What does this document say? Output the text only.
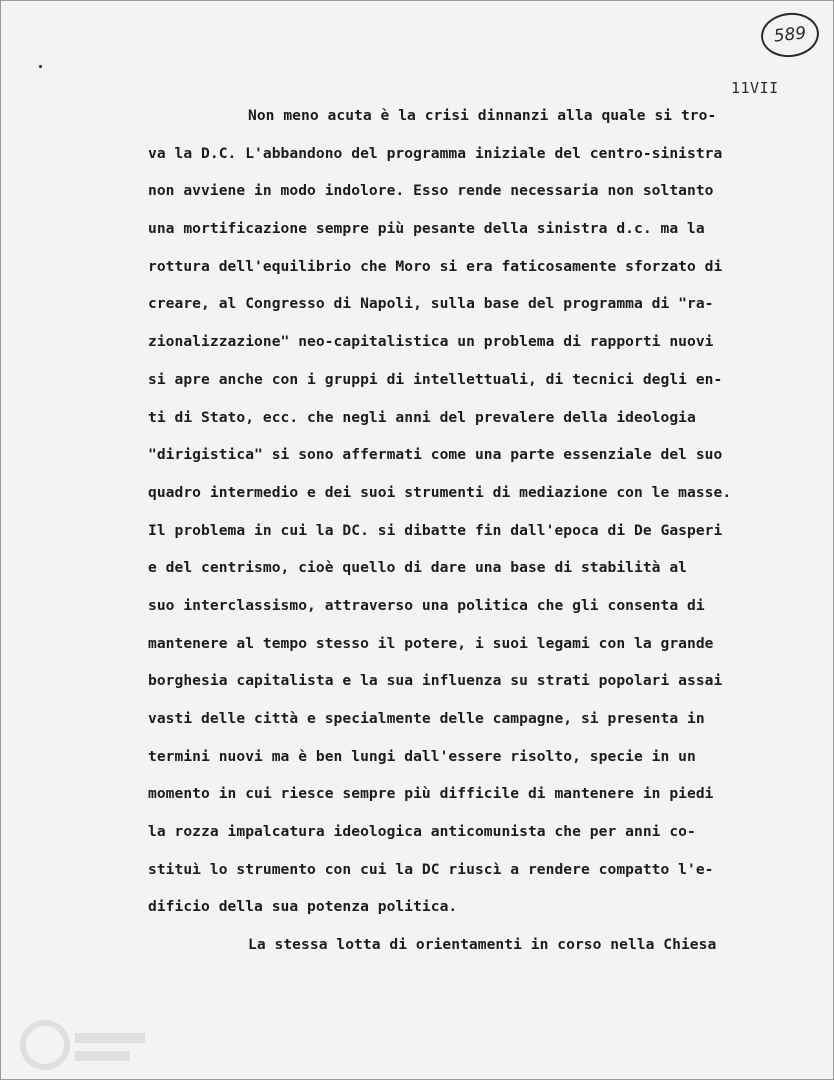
589
11VII
Non meno acuta è la crisi dinnanzi alla quale si tro-
va la D.C. L'abbandono del programma iniziale del centro-sinistra
non avviene in modo indolore. Esso rende necessaria non soltanto
una mortificazione sempre più pesante della sinistra d.c. ma la
rottura dell'equilibrio che Moro si era faticosamente sforzato di
creare, al Congresso di Napoli, sulla base del programma di "ra-
zionalizzazione" neo-capitalistica un problema di rapporti nuovi
si apre anche con i gruppi di intellettuali, di tecnici degli en-
ti di Stato, ecc. che negli anni del prevalere della ideologia
"dirigistica" si sono affermati come una parte essenziale del suo
quadro intermedio e dei suoi strumenti di mediazione con le masse.
Il problema in cui la DC. si dibatte fin dall'epoca di De Gasperi
e del centrismo, cioè quello di dare una base di stabilità al
suo interclassismo, attraverso una politica che gli consenta di
mantenere al tempo stesso il potere, i suoi legami con la grande
borghesia capitalista e la sua influenza su strati popolari assai
vasti delle città e specialmente delle campagne, si presenta in
termini nuovi ma è ben lungi dall'essere risolto, specie in un
momento in cui riesce sempre più difficile di mantenere in piedi
la rozza impalcatura ideologica anticomunista che per anni co-
stituì lo strumento con cui la DC riuscì a rendere compatto l'e-
dificio della sua potenza politica.
La stessa lotta di orientamenti in corso nella Chiesa
